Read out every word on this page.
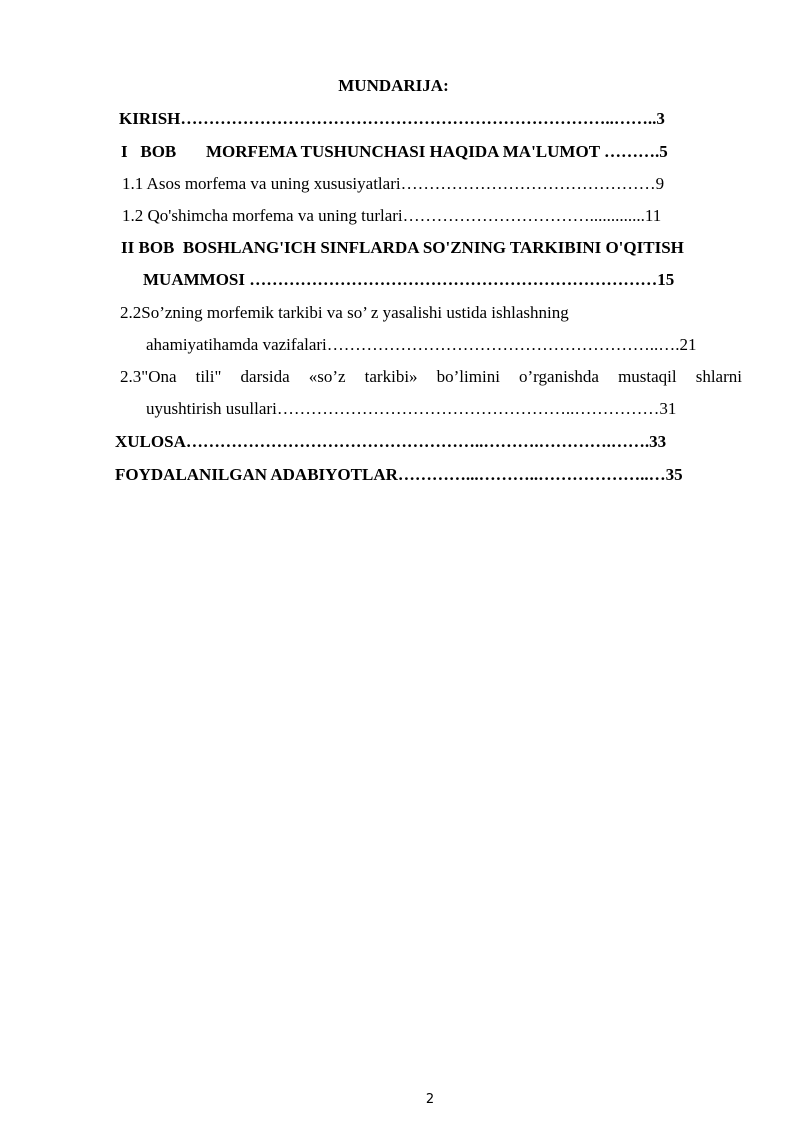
MUNDARIJA:
KIRISH…………………………………………………………………..……..3
I   BOB       MORFEMA TUSHUNCHASI HAQIDA MA'LUMOT ……….5
1.1 Asos morfema va uning xususiyatlari………………………………………9
1.2 Qo'shimcha morfema va uning turlari…………………………….............11
II BOB  BOSHLANG'ICH SINFLARDA SO'ZNING TARKIBINI O'QITISH
MUAMMOSI ………………………………………………………………15
2.2So’zning morfemik tarkibi va so’ z yasalishi ustida ishlashning
ahamiyatihamda vazifalari…………………………………………………..….21
2.3"Ona tili" darsida «so’z tarkibi» bo’limini o’rganishda mustaqil shlarni
uyushtirish usullari……………………………………………..……………31
XULOSA……………………………………………..……….………….…….33
FOYDALANILGAN ADABIYOTLAR…………...………..………………..…35
2
